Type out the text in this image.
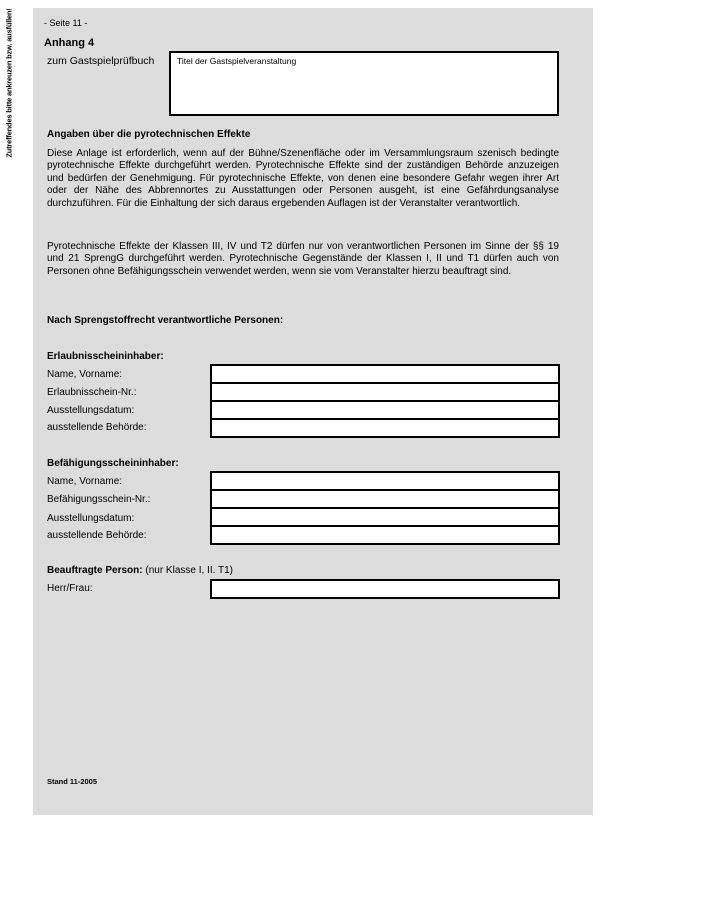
Zutreffendes bitte ankreuzen bzw. ausfüllen!	- Seite 11 -
Anhang 4
zum Gastspielprüfbuch	Titel der Gastspielveranstaltung
Angaben über die pyrotechnischen Effekte
Diese Anlage ist erforderlich, wenn auf der Bühne/Szenenfläche oder im Versammlungsraum szenisch bedingte pyrotechnische Effekte durchgeführt werden. Pyrotechnische Effekte sind der zuständigen Behörde anzuzeigen und bedürfen der Genehmigung. Für pyrotechnische Effekte, von denen eine besondere Gefahr wegen ihrer Art oder der Nähe des Abbrennortes zu Ausstattungen oder Personen ausgeht, ist eine Gefährdungsanalyse durchzuführen. Für die Einhaltung der sich daraus ergebenden Auflagen ist der Veranstalter verantwortlich.
Pyrotechnische Effekte der Klassen III, IV und T2 dürfen nur von verantwortlichen Personen im Sinne der §§ 19 und 21 SprengG durchgeführt werden. Pyrotechnische Gegenstände der Klassen I, II und T1 dürfen auch von Personen ohne Befähigungsschein verwendet werden, wenn sie vom Veranstalter hierzu beauftragt sind.
Nach Sprengstoffrecht verantwortliche Personen:
Erlaubnisscheininhaber:
Name, Vorname:
Erlaubnisschein-Nr.:
Ausstellungsdatum:
ausstellende Behörde:
Befähigungsscheininhaber:
Name, Vorname:
Befähigungsschein-Nr.:
Ausstellungsdatum:
ausstellende Behörde:
Beauftragte Person: (nur Klasse I, II. T1)
Herr/Frau:
Stand 11-2005
